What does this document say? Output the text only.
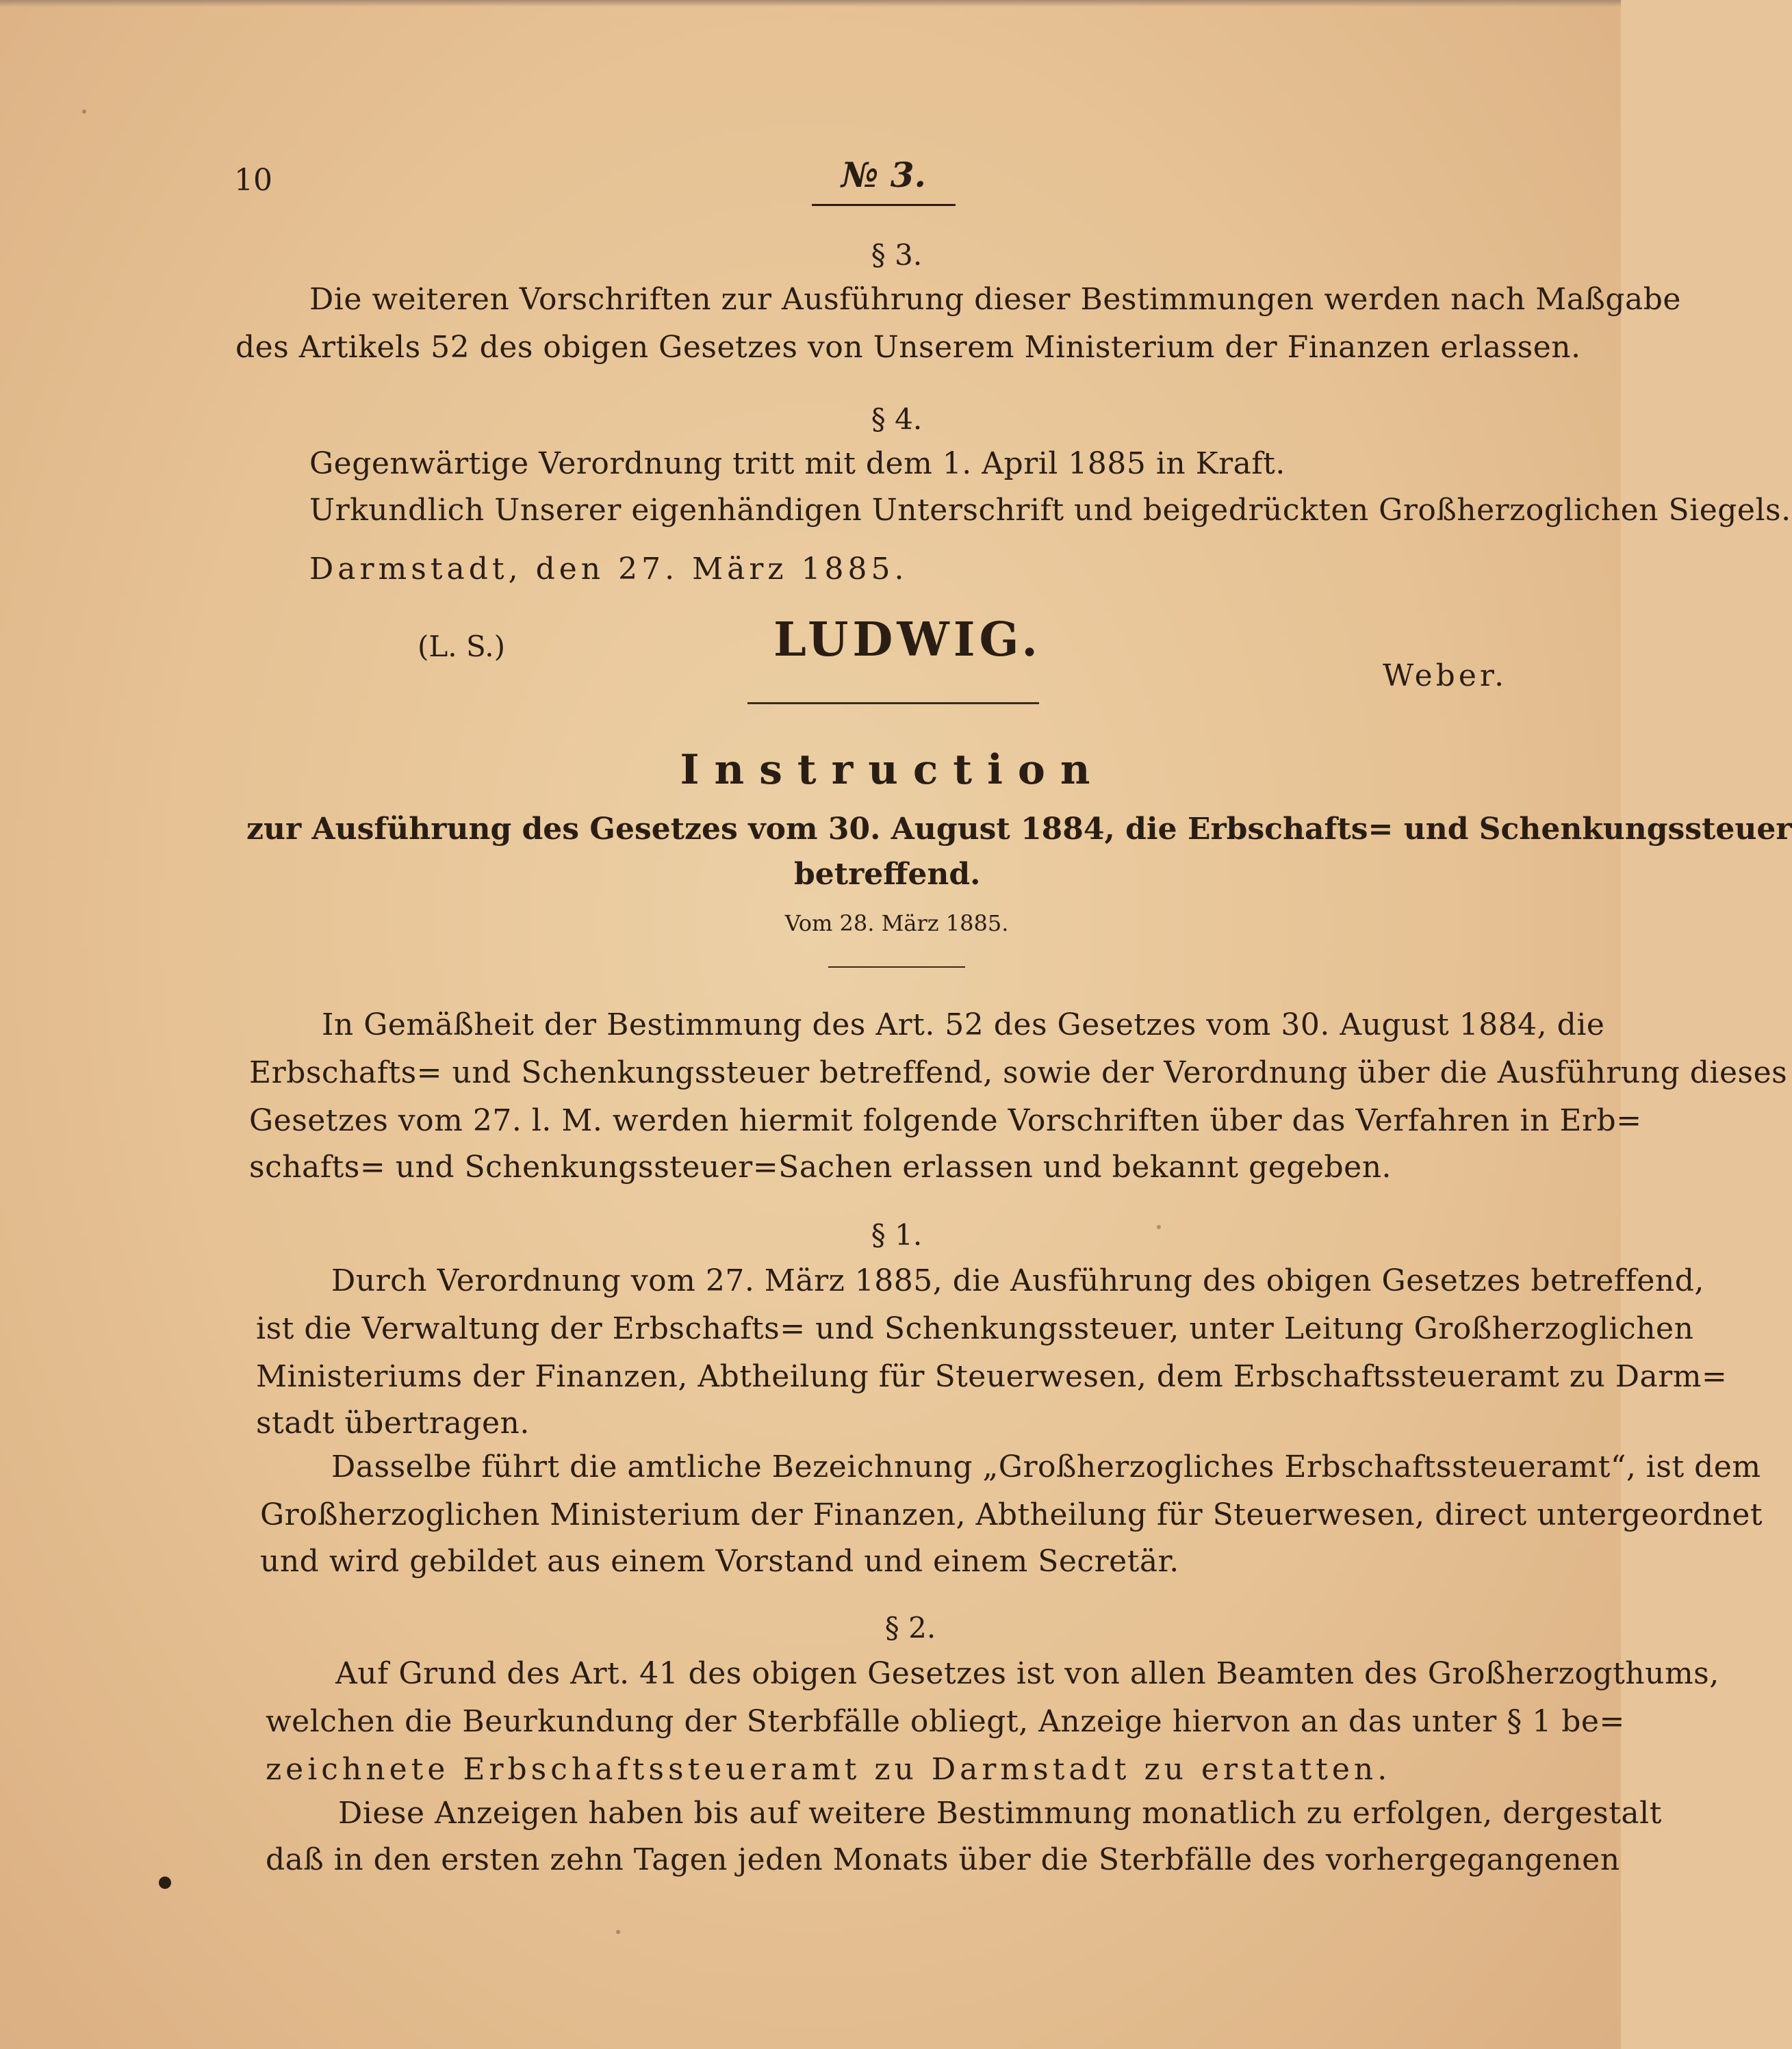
10	№ 3.
§ 3.
Die weiteren Vorschriften zur Ausführung dieser Bestimmungen werden nach Maßgabe
des Artikels 52 des obigen Gesetzes von Unserem Ministerium der Finanzen erlassen.
§ 4.
Gegenwärtige Verordnung tritt mit dem 1. April 1885 in Kraft.
Urkundlich Unserer eigenhändigen Unterschrift und beigedrückten Großherzoglichen Siegels.
Darmstadt, den 27. März 1885.
(L. S.)	LUDWIG.
Weber.
Instruction
zur Ausführung des Gesetzes vom 30. August 1884, die Erbschafts= und Schenkungssteuer
betreffend.
Vom 28. März 1885.
In Gemäßheit der Bestimmung des Art. 52 des Gesetzes vom 30. August 1884, die
Erbschafts= und Schenkungssteuer betreffend, sowie der Verordnung über die Ausführung dieses
Gesetzes vom 27. l. M. werden hiermit folgende Vorschriften über das Verfahren in Erb=
schafts= und Schenkungssteuer=Sachen erlassen und bekannt gegeben.
§ 1.
Durch Verordnung vom 27. März 1885, die Ausführung des obigen Gesetzes betreffend,
ist die Verwaltung der Erbschafts= und Schenkungssteuer, unter Leitung Großherzoglichen
Ministeriums der Finanzen, Abtheilung für Steuerwesen, dem Erbschaftssteueramt zu Darm=
stadt übertragen.
Dasselbe führt die amtliche Bezeichnung „Großherzogliches Erbschaftssteueramt“, ist dem
Großherzoglichen Ministerium der Finanzen, Abtheilung für Steuerwesen, direct untergeordnet
und wird gebildet aus einem Vorstand und einem Secretär.
§ 2.
Auf Grund des Art. 41 des obigen Gesetzes ist von allen Beamten des Großherzogthums,
welchen die Beurkundung der Sterbfälle obliegt, Anzeige hiervon an das unter § 1 be=
zeichnete Erbschaftssteueramt zu Darmstadt zu erstatten.
Diese Anzeigen haben bis auf weitere Bestimmung monatlich zu erfolgen, dergestalt
daß in den ersten zehn Tagen jeden Monats über die Sterbfälle des vorhergegangenen
